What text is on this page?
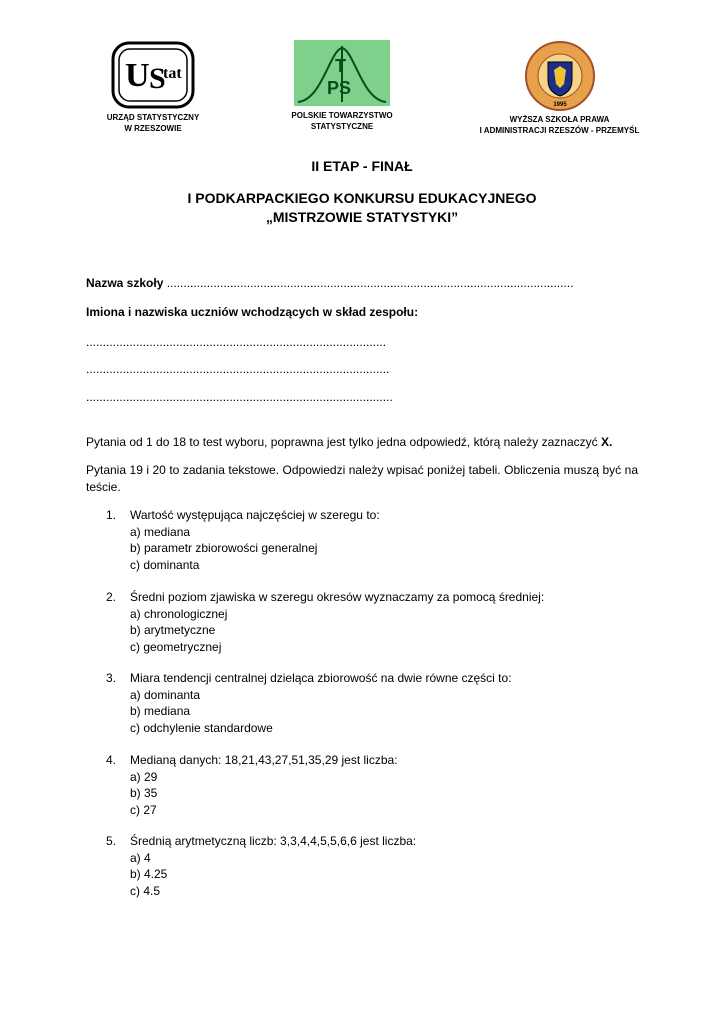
U S
tat
URZĄD STATYSTYCZNY
W RZESZOWIE
T
PS
POLSKIE TOWARZYSTWO
STATYSTYCZNE
1995
WYŻSZA SZKOŁA PRAWA
I ADMINISTRACJI RZESZÓW - PRZEMYŚL
II ETAP - FINAŁ
I PODKARPACKIEGO KONKURSU EDUKACYJNEGO
„MISTRZOWIE STATYSTYKI”
Nazwa szkoły ..........................................................................................................................
Imiona i nazwiska uczniów wchodzących w skład zespołu:
..........................................................................................
...........................................................................................
............................................................................................
Pytania od 1 do 18 to test wyboru, poprawna jest tylko jedna odpowiedź, którą należy zaznaczyć X.
Pytania 19 i 20 to zadania tekstowe. Odpowiedzi należy wpisać poniżej tabeli. Obliczenia muszą być na teście.
1.	Wartość występująca najczęściej w szeregu to:
a) mediana
b) parametr zbiorowości generalnej
c) dominanta
2.	Średni poziom zjawiska w szeregu okresów wyznaczamy za pomocą średniej:
a) chronologicznej
b) arytmetyczne
c) geometrycznej
3.	Miara tendencji centralnej dzieląca zbiorowość na dwie równe części to:
a) dominanta
b) mediana
c) odchylenie standardowe
4.	Medianą danych: 18,21,43,27,51,35,29 jest liczba:
a) 29
b) 35
c) 27
5.	Średnią arytmetyczną liczb: 3,3,4,4,5,5,6,6 jest liczba:
a) 4
b) 4.25
c) 4.5
